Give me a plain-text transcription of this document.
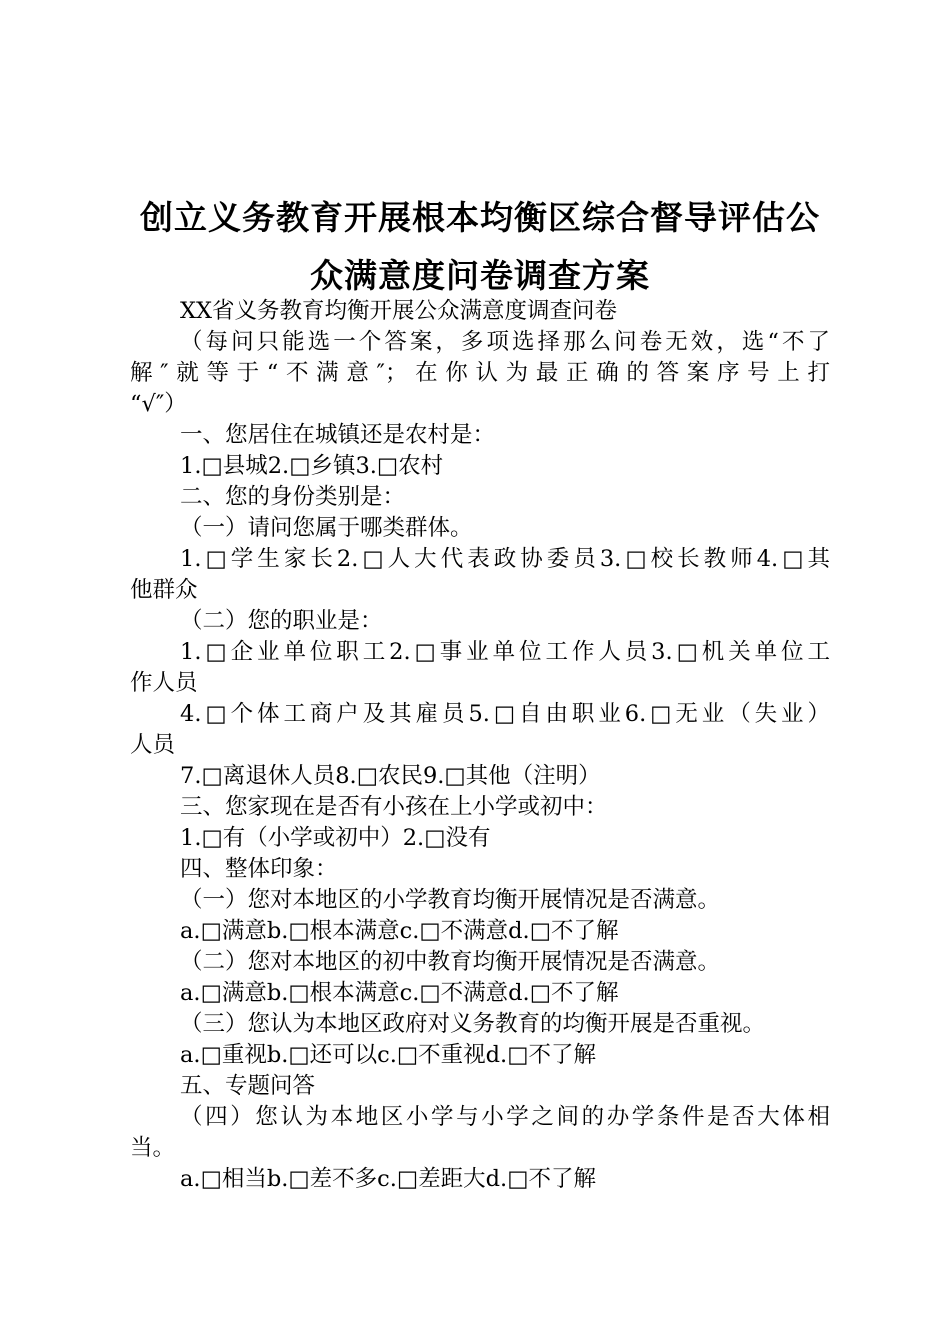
创立义务教育开展根本均衡区综合督导评估公
众满意度问卷调查方案
XX省义务教育均衡开展公众满意度调查问卷
（每问只能选一个答案，多项选择那么问卷无效，选“不了
解″就等于“不满意″；在你认为最正确的答案序号上打
“√″）
一、您居住在城镇还是农村是：
1.□县城2.□乡镇3.□农村
二、您的身份类别是：
（一）请问您属于哪类群体。
1.□学生家长2.□人大代表政协委员3.□校长教师4.□其
他群众
（二）您的职业是：
1.□企业单位职工2.□事业单位工作人员3.□机关单位工
作人员
4.□个体工商户及其雇员5.□自由职业6.□无业（失业）
人员
7.□离退休人员8.□农民9.□其他（注明）
三、您家现在是否有小孩在上小学或初中：
1.□有（小学或初中）2.□没有
四、整体印象：
（一）您对本地区的小学教育均衡开展情况是否满意。
a.□满意b.□根本满意c.□不满意d.□不了解
（二）您对本地区的初中教育均衡开展情况是否满意。
a.□满意b.□根本满意c.□不满意d.□不了解
（三）您认为本地区政府对义务教育的均衡开展是否重视。
a.□重视b.□还可以c.□不重视d.□不了解
五、专题问答
（四）您认为本地区小学与小学之间的办学条件是否大体相
当。
a.□相当b.□差不多c.□差距大d.□不了解
